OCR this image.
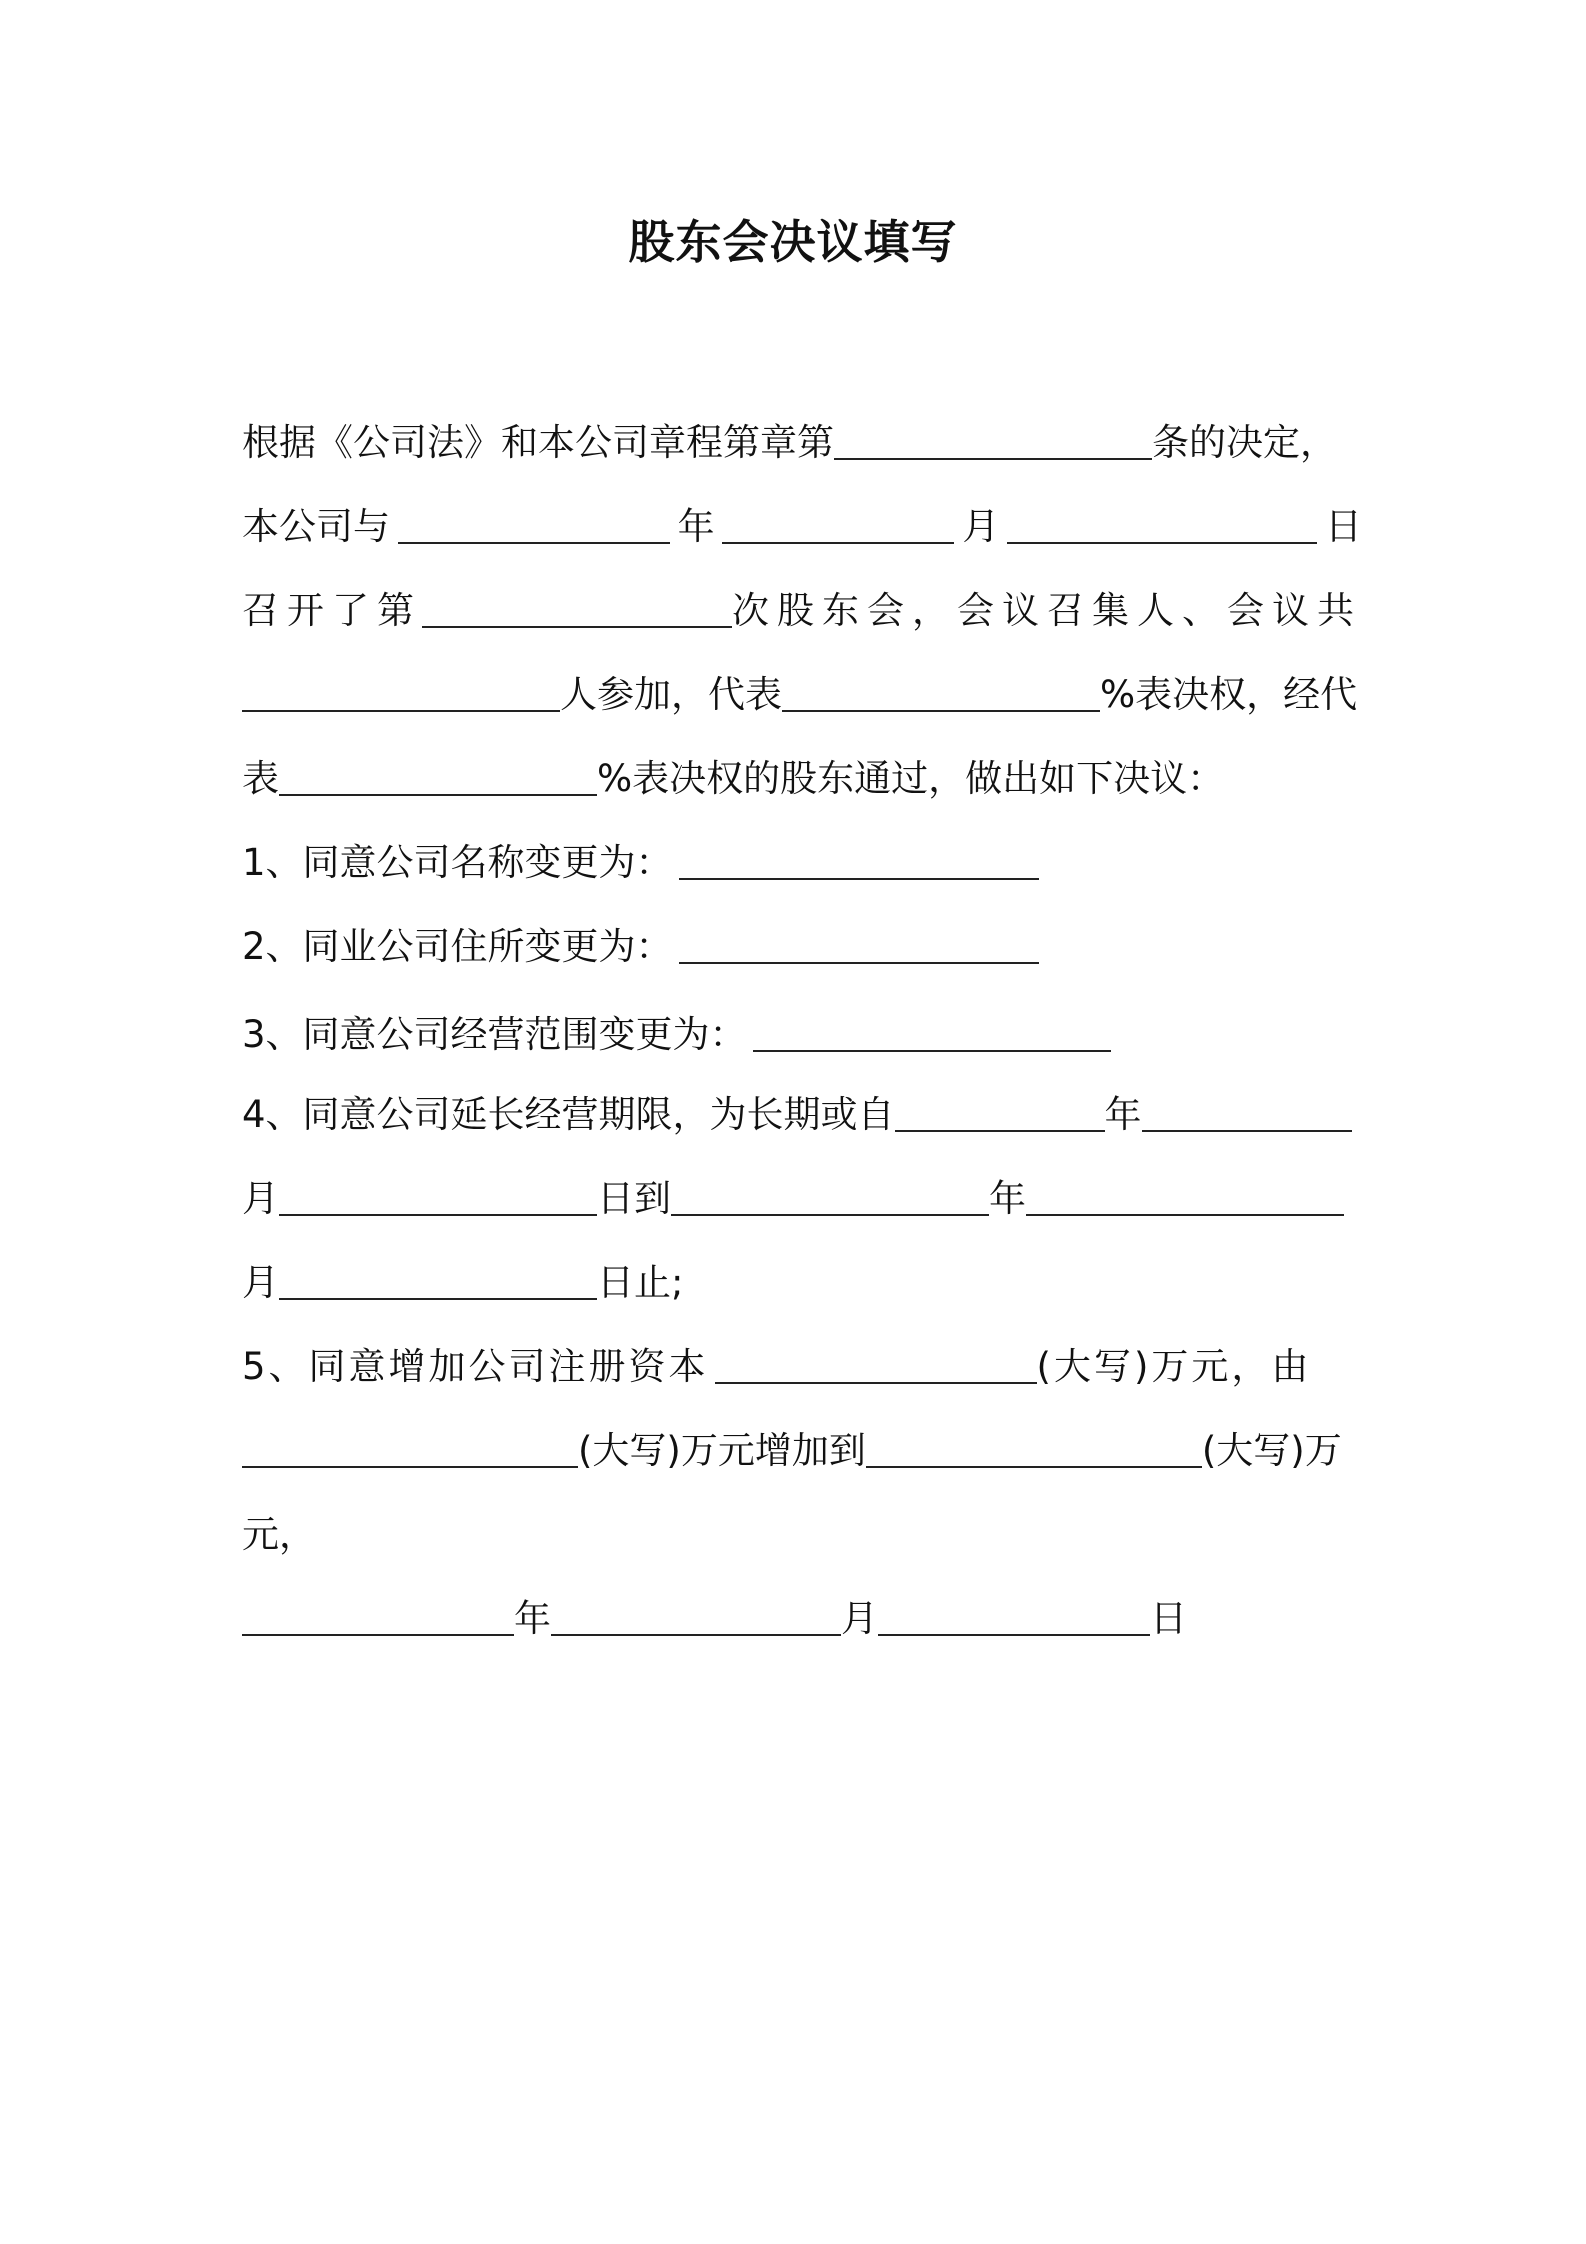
股东会决议填写
根据《公司法》和本公司章程第章第	条的决定，
本公司与	年	月	日
召开了第	次股东会，会议召集人、会议共
人参加，代表	%表决权，经代
表	%表决权的股东通过，做出如下决议：
1、同意公司名称变更为：
2、同业公司住所变更为：
3、同意公司经营范围变更为：
4、同意公司延长经营期限，为长期或自	年
月	日到	年
月	日止;
5、同意增加公司注册资本	(大写)万元，由
(大写)万元增加到	(大写)万
元，
年	月	日
